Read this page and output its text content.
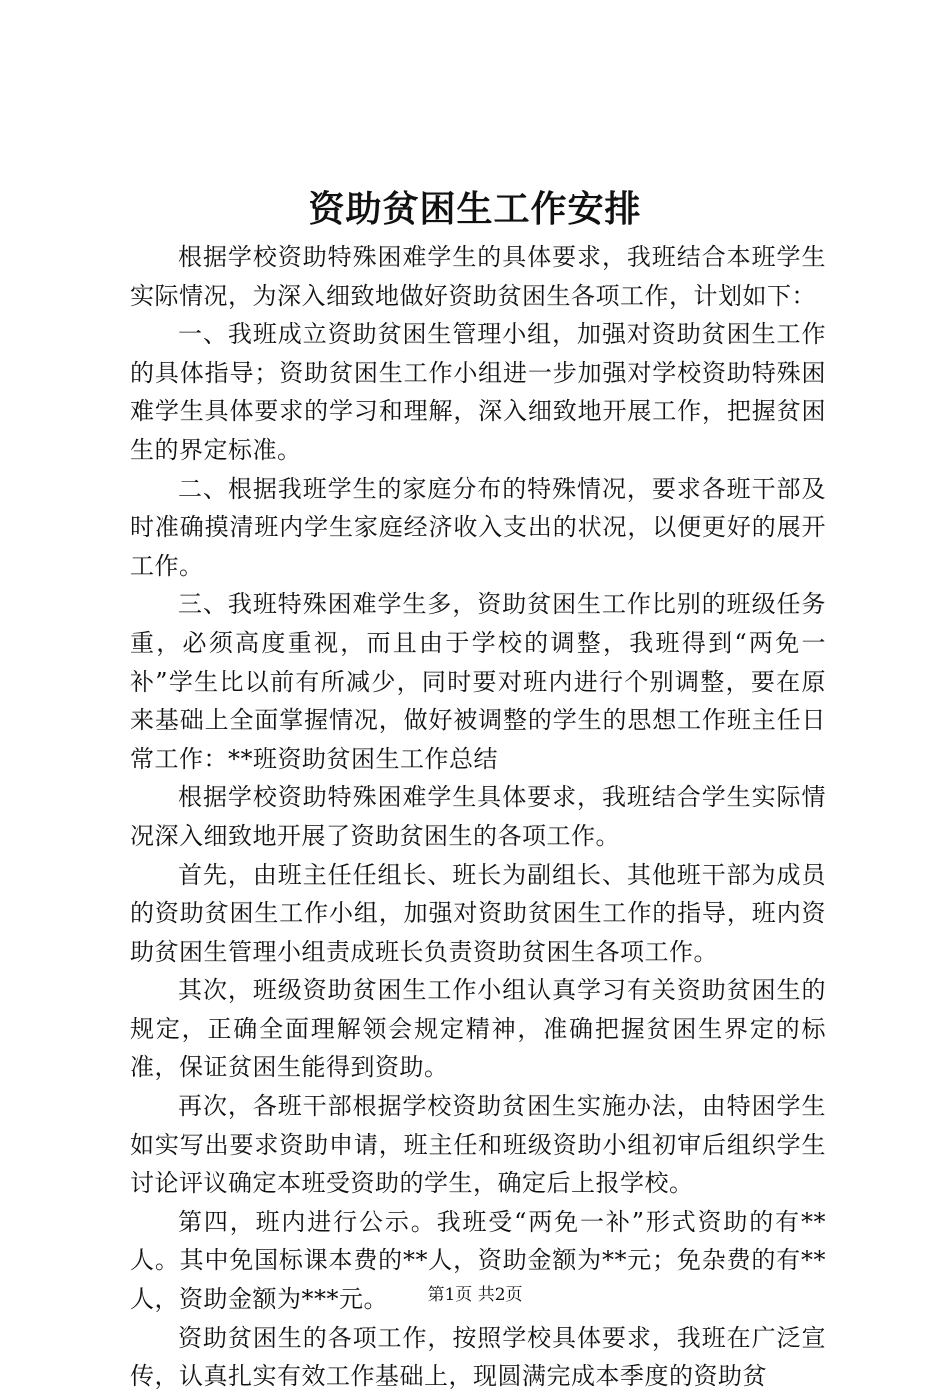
资助贫困生工作安排

根据学校资助特殊困难学生的具体要求，我班结合本班学生实际情况，为深入细致地做好资助贫困生各项工作，计划如下：

一、我班成立资助贫困生管理小组，加强对资助贫困生工作的具体指导；资助贫困生工作小组进一步加强对学校资助特殊困难学生具体要求的学习和理解，深入细致地开展工作，把握贫困生的界定标准。

二、根据我班学生的家庭分布的特殊情况，要求各班干部及时准确摸清班内学生家庭经济收入支出的状况，以便更好的展开工作。

三、我班特殊困难学生多，资助贫困生工作比别的班级任务重，必须高度重视，而且由于学校的调整，我班得到“两免一补”学生比以前有所减少，同时要对班内进行个别调整，要在原来基础上全面掌握情况，做好被调整的学生的思想工作班主任日常工作：**班资助贫困生工作总结

根据学校资助特殊困难学生具体要求，我班结合学生实际情况深入细致地开展了资助贫困生的各项工作。

首先，由班主任任组长、班长为副组长、其他班干部为成员的资助贫困生工作小组，加强对资助贫困生工作的指导，班内资助贫困生管理小组责成班长负责资助贫困生各项工作。

其次，班级资助贫困生工作小组认真学习有关资助贫困生的规定，正确全面理解领会规定精神，准确把握贫困生界定的标准，保证贫困生能得到资助。

再次，各班干部根据学校资助贫困生实施办法，由特困学生如实写出要求资助申请，班主任和班级资助小组初审后组织学生讨论评议确定本班受资助的学生，确定后上报学校。

第四，班内进行公示。我班受“两免一补”形式资助的有**人。其中免国标课本费的**人，资助金额为**元；免杂费的有**人，资助金额为***元。

资助贫困生的各项工作，按照学校具体要求，我班在广泛宣传，认真扎实有效工作基础上，现圆满完成本季度的资助贫

第1页 共2页
